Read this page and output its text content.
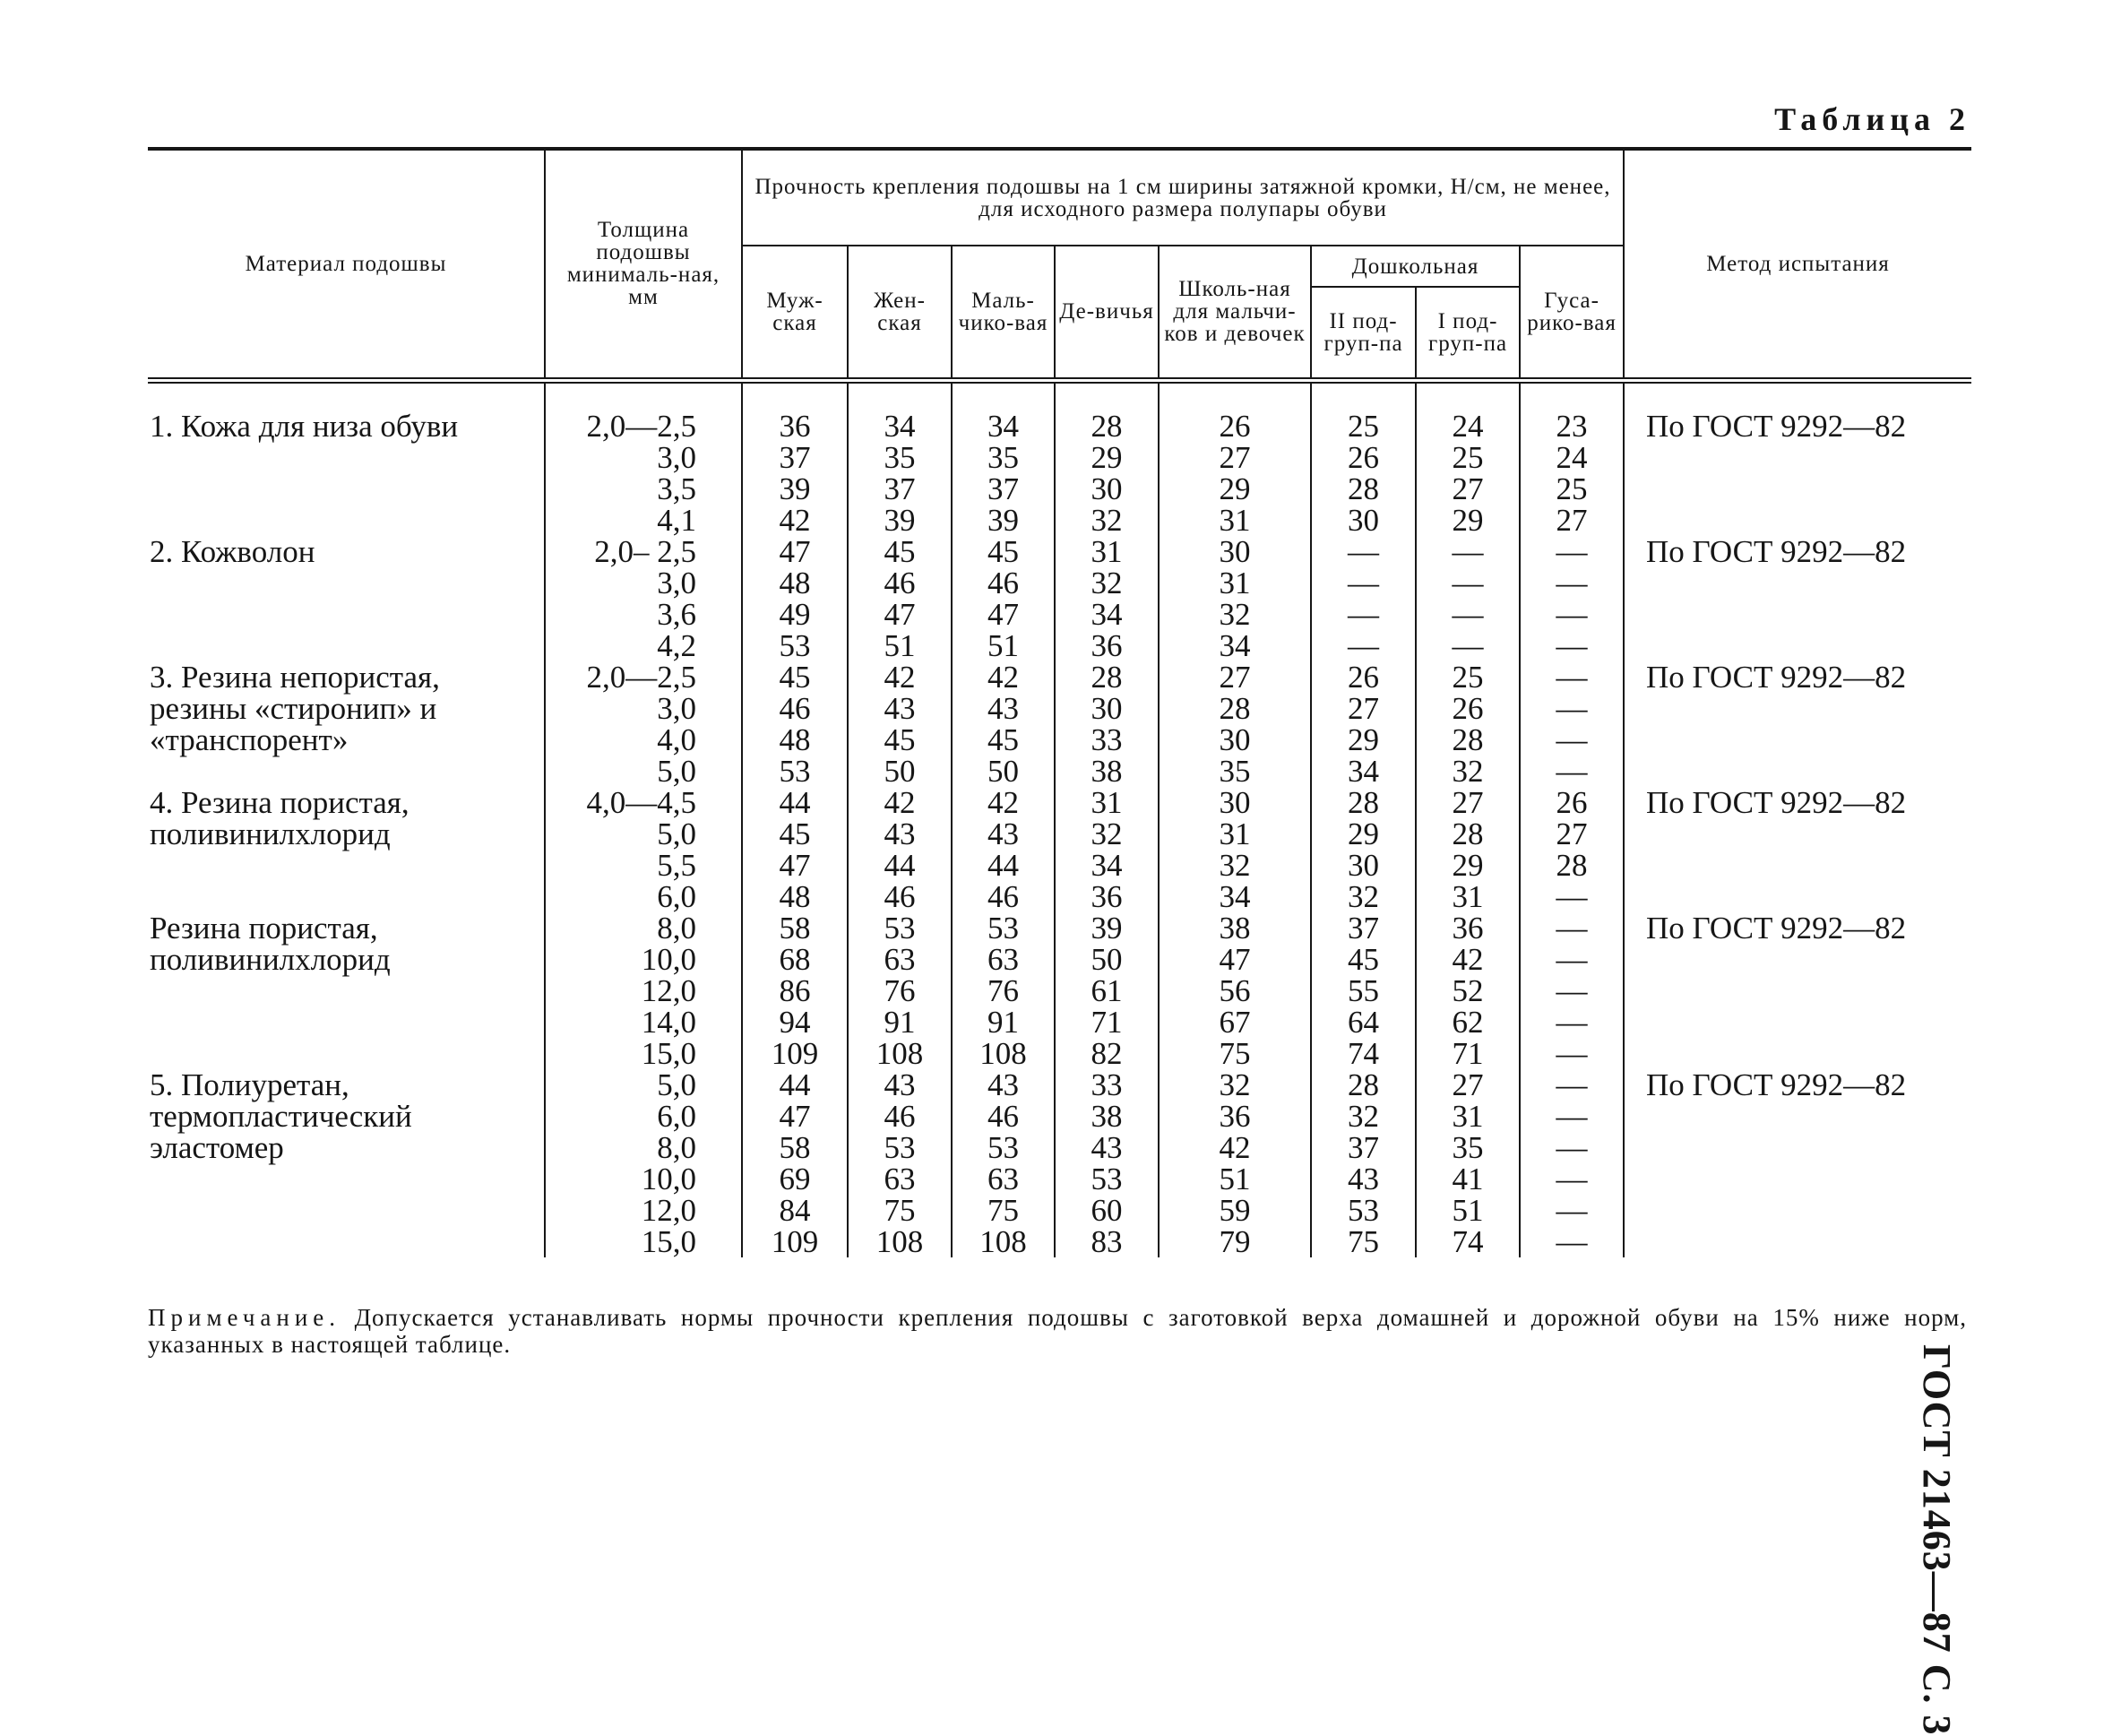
Таблица 2
ГОСТ 21463—87 С. 3
Материал подошвы	Толщина подошвы минималь-ная, мм	Прочность крепления подошвы на 1 см ширины затяжной кромки, Н/см, не менее, для исходного размера полупары обуви								Метод испытания
		Муж-ская	Жен-ская	Маль-чико-вая	Де-вичья	Школь-ная для мальчи-ков и девочек	Дошкольная		Гуса-рико-вая	
							II под-груп-па	I под-груп-па		
1. Кожа для низа обуви	2,0—2,5	36	34	34	28	26	25	24	23	По ГОСТ 9292—82
	3,0	37	35	35	29	27	26	25	24	
	3,5	39	37	37	30	29	28	27	25	
	4,1	42	39	39	32	31	30	29	27	
2. Кожволон	2,0– 2,5	47	45	45	31	30	—	—	—	По ГОСТ 9292—82
	3,0	48	46	46	32	31	—	—	—	
	3,6	49	47	47	34	32	—	—	—	
	4,2	53	51	51	36	34	—	—	—	
3. Резина непористая, резины «стиронип» и «транспорент»	2,0—2,5	45	42	42	28	27	26	25	—	По ГОСТ 9292—82
	3,0	46	43	43	30	28	27	26	—	
	4,0	48	45	45	33	30	29	28	—	
	5,0	53	50	50	38	35	34	32	—	
4. Резина пористая, поливинилхлорид	4,0—4,5	44	42	42	31	30	28	27	26	По ГОСТ 9292—82
	5,0	45	43	43	32	31	29	28	27	
	5,5	47	44	44	34	32	30	29	28	
	6,0	48	46	46	36	34	32	31	—	
Резина пористая, поливинилхлорид	8,0	58	53	53	39	38	37	36	—	По ГОСТ 9292—82
	10,0	68	63	63	50	47	45	42	—	
	12,0	86	76	76	61	56	55	52	—	
	14,0	94	91	91	71	67	64	62	—	
	15,0	109	108	108	82	75	74	71	—	
5. Полиуретан, термопластический эластомер	5,0	44	43	43	33	32	28	27	—	По ГОСТ 9292—82
	6,0	47	46	46	38	36	32	31	—	
	8,0	58	53	53	43	42	37	35	—	
	10,0	69	63	63	53	51	43	41	—	
	12,0	84	75	75	60	59	53	51	—	
	15,0	109	108	108	83	79	75	74	—	
Примечание. Допускается устанавливать нормы прочности крепления подошвы с заготовкой верха домашней и дорожной обуви на 15% ниже норм, указанных в настоящей таблице.
